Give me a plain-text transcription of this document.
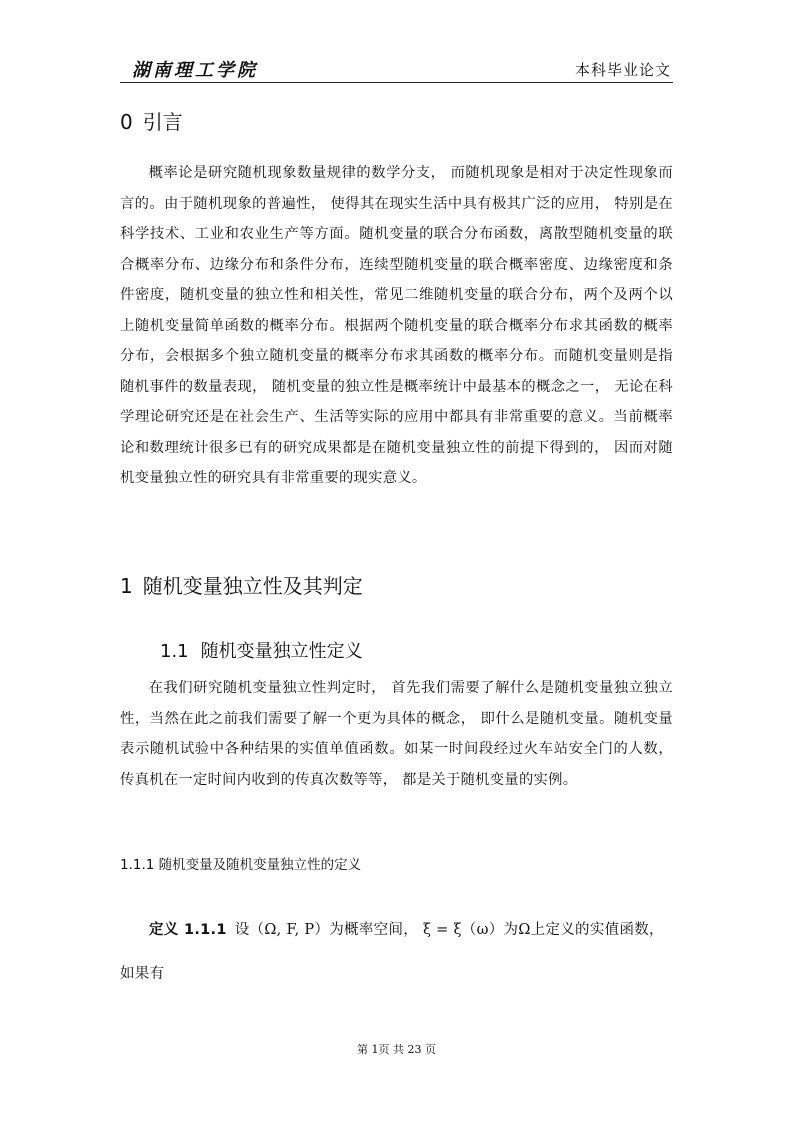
湖南理工学院	本科毕业论文
0 引言
概率论是研究随机现象数量规律的数学分支， 而随机现象是相对于决定性现象而言的。由于随机现象的普遍性， 使得其在现实生活中具有极其广泛的应用， 特别是在科学技术、工业和农业生产等方面。随机变量的联合分布函数，离散型随机变量的联合概率分布、边缘分布和条件分布，连续型随机变量的联合概率密度、边缘密度和条件密度，随机变量的独立性和相关性，常见二维随机变量的联合分布，两个及两个以上随机变量简单函数的概率分布。根据两个随机变量的联合概率分布求其函数的概率分布，会根据多个独立随机变量的概率分布求其函数的概率分布。而随机变量则是指随机事件的数量表现， 随机变量的独立性是概率统计中最基本的概念之一， 无论在科学理论研究还是在社会生产、生活等实际的应用中都具有非常重要的意义。当前概率论和数理统计很多已有的研究成果都是在随机变量独立性的前提下得到的， 因而对随机变量独立性的研究具有非常重要的现实意义。
1 随机变量独立性及其判定
1.1 随机变量独立性定义
在我们研究随机变量独立性判定时， 首先我们需要了解什么是随机变量独立独立性，当然在此之前我们需要了解一个更为具体的概念， 即什么是随机变量。随机变量表示随机试验中各种结果的实值单值函数。如某一时间段经过火车站安全门的人数， 传真机在一定时间内收到的传真次数等等， 都是关于随机变量的实例。
1.1.1 随机变量及随机变量独立性的定义
定义 1.1.1 设（Ω, F, P）为概率空间， ξ = ξ（ω）为Ω上定义的实值函数，
如果有
第 1页 共 23 页
